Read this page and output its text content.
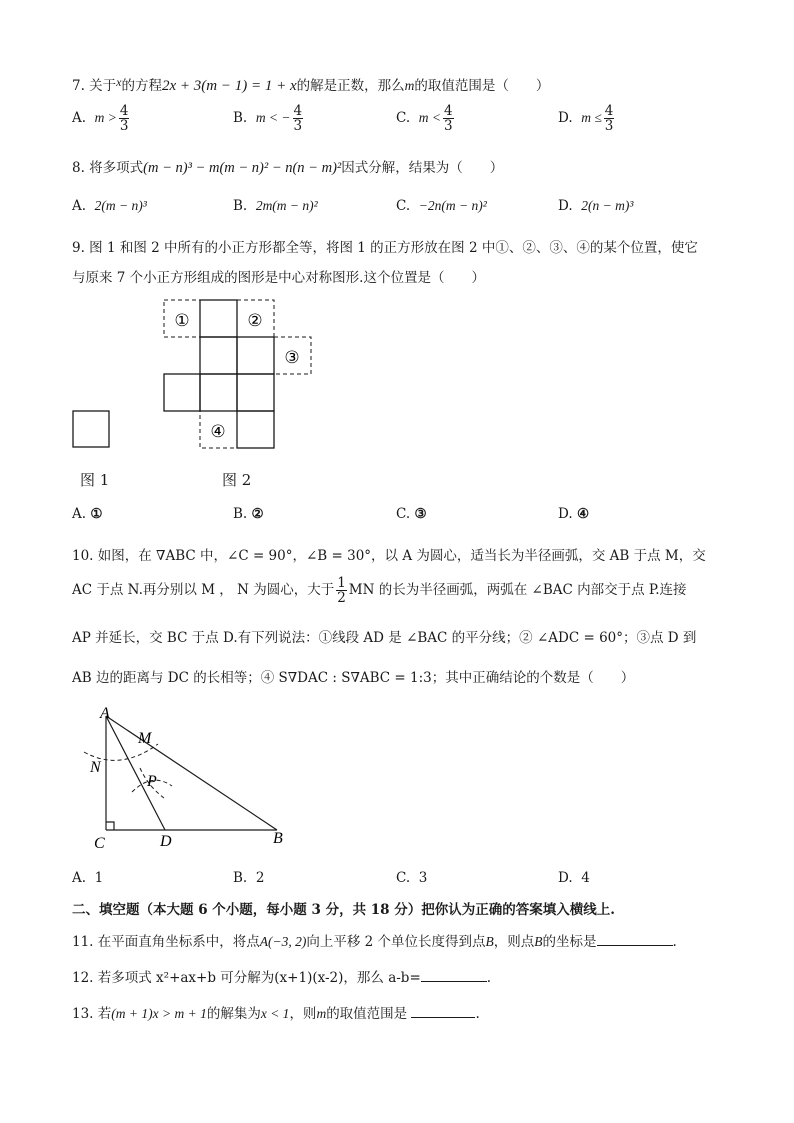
7. 关于x的方程2x + 3(m − 1) = 1 + x的解是正数，那么m的取值范围是（　　）
A. $m > \frac{4}{3}$	B. m < − $\frac{4}{3}$	C. $m < \frac{4}{3}$	D. $m \le \frac{4}{3}$
8. 将多项式(m − n)³ − m(m − n)² − n(n − m)²因式分解，结果为（　　）
A. 2(m − n)³	B. 2m(m − n)²	C. −2n(m − n)²	D. 2(n − m)³
9. 图 1 和图 2 中所有的小正方形都全等，将图 1 的正方形放在图 2 中①、②、③、④的某个位置，使它
与原来 7 个小正方形组成的图形是中心对称图形.这个位置是（　　）
①	②
③
④
图 1	图 2
A. ①	B. ②	C. ③	D. ④
10. 如图，在 ∇ABC 中，∠C = 90°，∠B = 30°，以 A 为圆心，适当长为半径画弧，交 AB 于点 M，交
AC 于点 N.再分别以 M ， N 为圆心，大于 $\frac{1}{2}$ MN 的长为半径画弧，两弧在 ∠BAC 内部交于点 P.连接
AP 并延长，交 BC 于点 D.有下列说法：①线段 AD 是 ∠BAC 的平分线；② ∠ADC = 60°；③点 D 到
AB 边的距离与 DC 的长相等；④ S∇DAC : S∇ABC = 1:3；其中正确结论的个数是（　　）
A
M
N
P
C	D	B
A. 1	B. 2	C. 3	D. 4
二、填空题（本大题 6 个小题，每小题 3 分，共 18 分）把你认为正确的答案填入横线上.
11. 在平面直角坐标系中，将点A(−3, 2)向上平移 2 个单位长度得到点B，则点B的坐标是	.
12. 若多项式 x²+ax+b 可分解为(x+1)(x-2)，那么 a-b=	.
13. 若(m + 1)x > m + 1的解集为x < 1，则m的取值范围是	.
